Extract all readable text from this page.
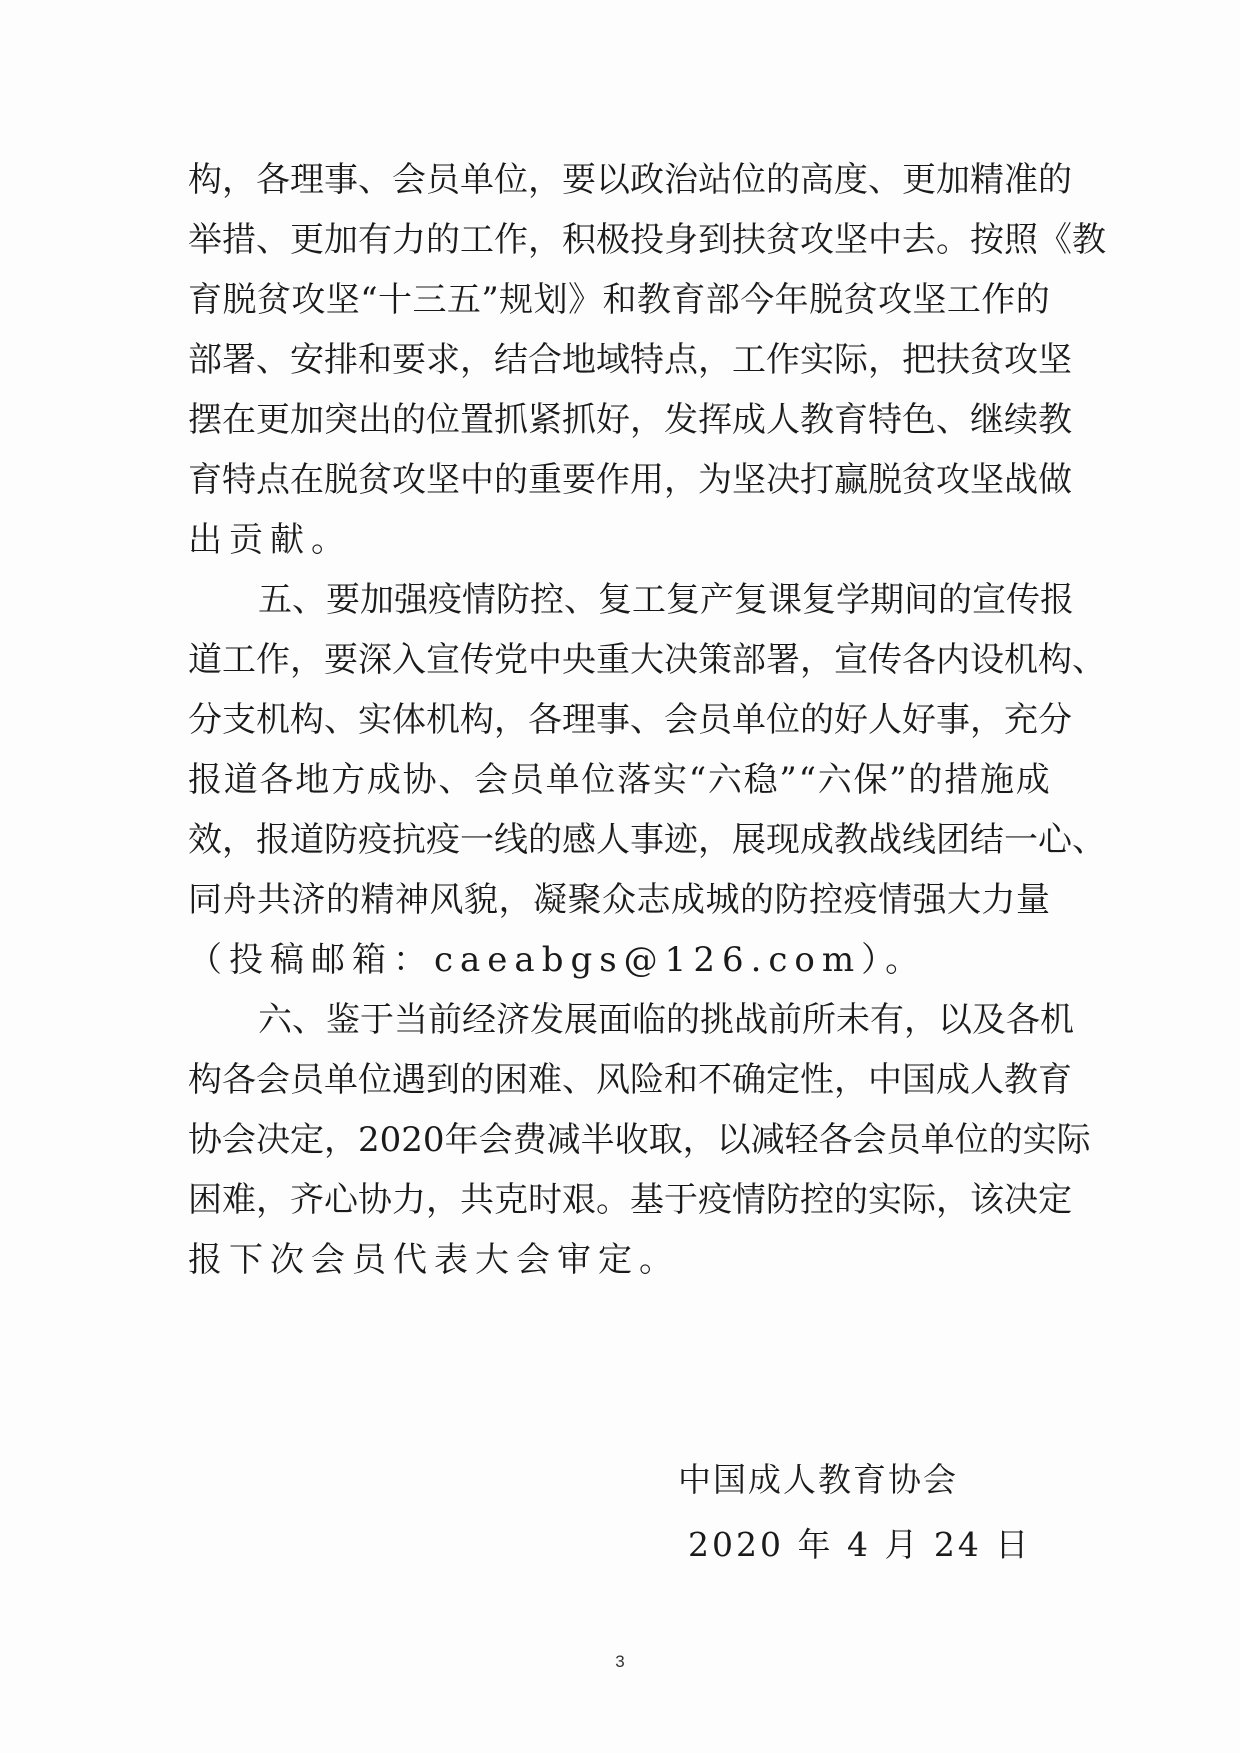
构 ， 各 理 事 、 会 员 单 位 ， 要 以 政 治 站 位 的 高 度 、 更 加 精 准 的
举 措 、 更 加 有 力 的 工 作 ， 积 极 投 身 到 扶 贫 攻 坚 中 去 。 按 照 《 教
育 脱 贫 攻 坚 “ 十 三 五 ” 规 划 》 和 教 育 部 今 年 脱 贫 攻 坚 工 作 的
部 署 、 安 排 和 要 求 ， 结 合 地 域 特 点 ， 工 作 实 际 ， 把 扶 贫 攻 坚
摆 在 更 加 突 出 的 位 置 抓 紧 抓 好 ， 发 挥 成 人 教 育 特 色 、 继 续 教
育 特 点 在 脱 贫 攻 坚 中 的 重 要 作 用 ， 为 坚 决 打 赢 脱 贫 攻 坚 战 做
出贡献。
五 、 要 加 强 疫 情 防 控 、 复 工 复 产 复 课 复 学 期 间 的 宣 传 报
道 工 作 ， 要 深 入 宣 传 党 中 央 重 大 决 策 部 署 ， 宣 传 各 内 设 机 构 、
分 支 机 构 、 实 体 机 构 ， 各 理 事 、 会 员 单 位 的 好 人 好 事 ， 充 分
报 道 各 地 方 成 协 、 会 员 单 位 落 实 “ 六 稳 ” “ 六 保 ” 的 措 施 成
效 ， 报 道 防 疫 抗 疫 一 线 的 感 人 事 迹 ， 展 现 成 教 战 线 团 结 一 心 、
同 舟 共 济 的 精 神 风 貌 ， 凝 聚 众 志 成 城 的 防 控 疫 情 强 大 力 量
（投稿邮箱：caeabgs@126.com）。
六 、 鉴 于 当 前 经 济 发 展 面 临 的 挑 战 前 所 未 有 ， 以 及 各 机
构 各 会 员 单 位 遇 到 的 困 难 、 风 险 和 不 确 定 性 ， 中 国 成 人 教 育
协 会 决 定 ， 2 0 2 0 年 会 费 减 半 收 取 ， 以 减 轻 各 会 员 单 位 的 实 际
困 难 ， 齐 心 协 力 ， 共 克 时 艰 。 基 于 疫 情 防 控 的 实 际 ， 该 决 定
报下次会员代表大会审定。
中国成人教育协会
2020 年 4 月 24 日
3
